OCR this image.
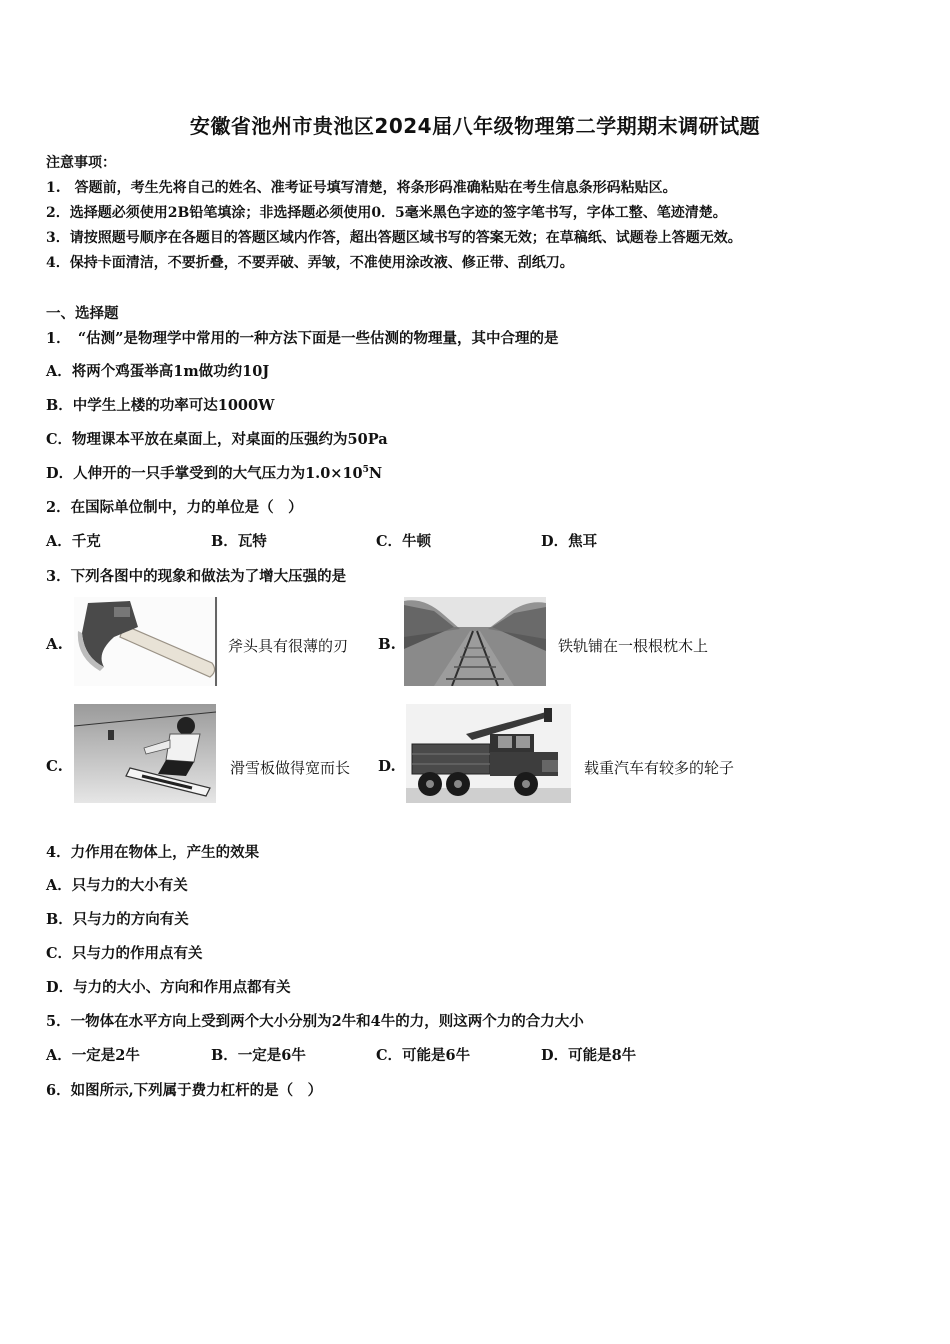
安徽省池州市贵池区2024届八年级物理第二学期期末调研试题
注意事项：
1.　答题前，考生先将自己的姓名、准考证号填写清楚，将条形码准确粘贴在考生信息条形码粘贴区。
2．选择题必须使用2B铅笔填涂；非选择题必须使用0．5毫米黑色字迹的签字笔书写，字体工整、笔迹清楚。
3．请按照题号顺序在各题目的答题区域内作答，超出答题区域书写的答案无效；在草稿纸、试题卷上答题无效。
4．保持卡面清洁，不要折叠，不要弄破、弄皱，不准使用涂改液、修正带、刮纸刀。
一、选择题
1．　“估测”是物理学中常用的一种方法下面是一些估测的物理量，其中合理的是
A．将两个鸡蛋举高1m做功约10J
B．中学生上楼的功率可达1000W
C．物理课本平放在桌面上，对桌面的压强约为50Pa
D．人伸开的一只手掌受到的大气压力为$1.0\times 10^5N$
2．在国际单位制中，力的单位是（　）
A．千克	B．瓦特	C．牛顿	D．焦耳
3．下列各图中的现象和做法为了增大压强的是
A.	斧头具有很薄的刃 B.	铁轨铺在一根根枕木上
C.	滑雪板做得宽而长 D.	载重汽车有较多的轮子
4．力作用在物体上，产生的效果
A．只与力的大小有关
B．只与力的方向有关
C．只与力的作用点有关
D．与力的大小、方向和作用点都有关
5．一物体在水平方向上受到两个大小分别为2牛和4牛的力，则这两个力的合力大小
A．一定是2牛	B．一定是6牛	C．可能是6牛	D．可能是8牛
6．如图所示,下列属于费力杠杆的是（　）
